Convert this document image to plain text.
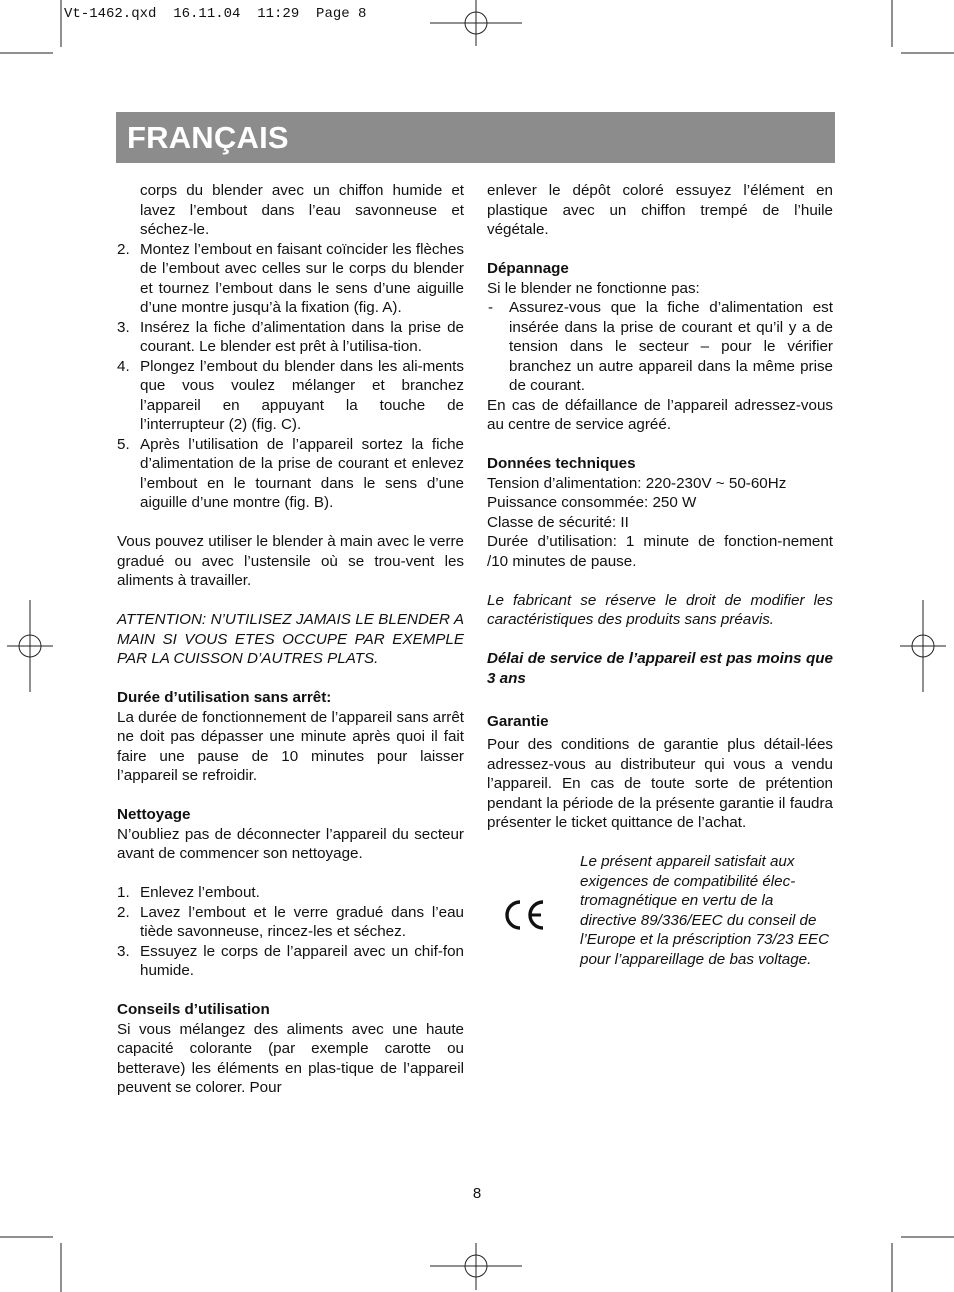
Vt-1462.qxd  16.11.04  11:29  Page 8
FRANÇAIS

corps du blender avec un chiffon humide et lavez l’embout dans l’eau savonneuse et séchez-le.

2. Montez l’embout en faisant coïncider les flèches de l’embout avec celles sur le corps du blender et tournez l’embout dans le sens d’une aiguille d’une montre jusqu’à la fixation (fig. A).
3. Insérez la fiche d’alimentation dans la prise de courant. Le blender est prêt à l’utilisa-tion.
4. Plongez l’embout du blender dans les ali-ments que vous voulez mélanger et branchez l’appareil en appuyant la touche de l’interrupteur (2) (fig. C).
5. Après l’utilisation de l’appareil sortez la fiche d’alimentation de la prise de courant et enlevez l’embout en le tournant dans le sens d’une aiguille d’une montre (fig. B).

Vous pouvez utiliser le blender à main avec le verre gradué ou avec l’ustensile où se trou-vent les aliments à travailler.

ATTENTION: N’UTILISEZ JAMAIS LE BLENDER A MAIN SI VOUS ETES OCCUPE PAR EXEMPLE PAR LA CUISSON D’AUTRES PLATS.

Durée d’utilisation sans arrêt:

La durée de fonctionnement de l’appareil sans arrêt ne doit pas dépasser une minute après quoi il fait faire une pause de 10 minutes pour laisser l’appareil se refroidir.

Nettoyage

N’oubliez pas de déconnecter l’appareil du secteur avant de commencer son nettoyage.

1. Enlevez l’embout.
2. Lavez l’embout et le verre gradué dans l’eau tiède savonneuse, rincez-les et séchez.
3. Essuyez le corps de l’appareil avec un chif-fon humide.

Conseils d’utilisation

Si vous mélangez des aliments avec une haute capacité colorante (par exemple carotte ou betterave) les éléments en plas-tique de l’appareil peuvent se colorer. Pour

enlever le dépôt coloré essuyez l’élément en plastique avec un chiffon trempé de l’huile végétale.

Dépannage

Si le blender ne fonctionne pas:

- Assurez-vous que la fiche d’alimentation est insérée dans la prise de courant et qu’il y a de tension dans le secteur – pour le vérifier branchez un autre appareil dans la même prise de courant.

En cas de défaillance de l’appareil adressez-vous au centre de service agréé.

Données techniques

Tension d’alimentation: 220-230V ~ 50-60Hz

Puissance consommée: 250 W

Classe de sécurité: II

Durée d’utilisation: 1 minute de fonction-nement /10 minutes de pause.

Le fabricant se réserve le droit de modifier les caractéristiques des produits sans préavis.

Délai de service de l’appareil est pas moins que 3 ans

Garantie

Pour des conditions de garantie plus détail-lées adressez-vous au distributeur qui vous a vendu l’appareil. En cas de toute sorte de prétention pendant la période de la présente garantie il faudra présenter le ticket quittance de l’achat.

Le présent appareil satisfait aux exigences de compatibilité élec-tromagnétique en vertu de la directive 89/336/EEC du conseil de l’Europe et la préscription 73/23 EEC pour l’appareillage de bas voltage.

8
